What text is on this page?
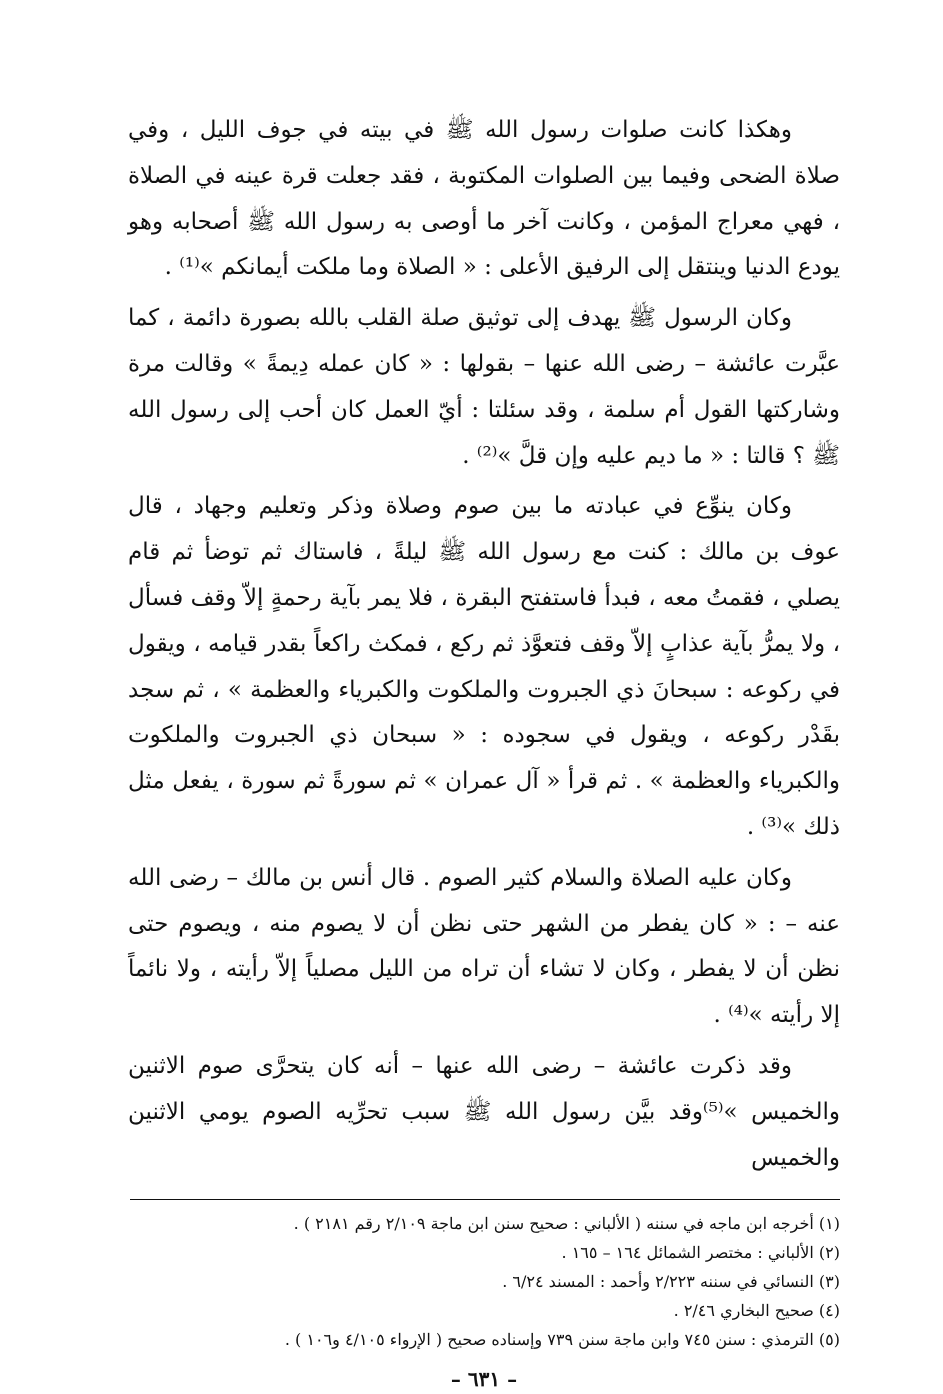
وهكذا كانت صلوات رسول الله ﷺ في بيته في جوف الليل ، وفي صلاة الضحى وفيما بين الصلوات المكتوبة ، فقد جعلت قرة عينه في الصلاة ، فهي معراج المؤمن ، وكانت آخر ما أوصى به رسول الله ﷺ أصحابه وهو يودع الدنيا وينتقل إلى الرفيق الأعلى : « الصلاة وما ملكت أيمانكم »⁽¹⁾ .

وكان الرسول ﷺ يهدف إلى توثيق صلة القلب بالله بصورة دائمة ، كما عبَّرت عائشة – رضى الله عنها – بقولها : « كان عمله دِيمةً » وقالت مرة وشاركتها القول أم سلمة ، وقد سئلتا : أيّ العمل كان أحب إلى رسول الله ﷺ ؟ قالتا : « ما ديم عليه وإن قلَّ »⁽²⁾ .

وكان ينوِّع في عبادته ما بين صوم وصلاة وذكر وتعليم وجهاد ، قال عوف بن مالك : كنت مع رسول الله ﷺ ليلةً ، فاستاك ثم توضأ ثم قام يصلي ، فقمتُ معه ، فبدأ فاستفتح البقرة ، فلا يمر بآية رحمةٍ إلاّ وقف فسأل ، ولا يمرُّ بآية عذابٍ إلاّ وقف فتعوَّذ ثم ركع ، فمكث راكعاً بقدر قيامه ، ويقول في ركوعه : سبحانَ ذي الجبروت والملكوت والكبرياء والعظمة » ، ثم سجد بقَدْر ركوعه ، ويقول في سجوده : « سبحان ذي الجبروت والملكوت والكبرياء والعظمة » . ثم قرأ « آل عمران » ثم سورةً ثم سورة ، يفعل مثل ذلك »⁽³⁾ .

وكان عليه الصلاة والسلام كثير الصوم . قال أنس بن مالك – رضى الله عنه – : « كان يفطر من الشهر حتى نظن أن لا يصوم منه ، ويصوم حتى نظن أن لا يفطر ، وكان لا تشاء أن تراه من الليل مصلياً إلاّ رأيته ، ولا نائماً إلا رأيته »⁽⁴⁾ .

وقد ذكرت عائشة – رضى الله عنها – أنه كان يتحرَّى صوم الاثنين والخميس »⁽⁵⁾وقد بيَّن رسول الله ﷺ سبب تحرِّيه الصوم يومي الاثنين والخميس

(١) أخرجه ابن ماجه في سننه ( الألباني : صحيح سنن ابن ماجة ٢/١٠٩ رقم ٢١٨١ ) .
(٢) الألباني : مختصر الشمائل ١٦٤ – ١٦٥ .
(٣) النسائي في سننه ٢/٢٢٣ وأحمد : المسند ٦/٢٤ .
(٤) صحيح البخاري ٢/٤٦ .
(٥) الترمذي : سنن ٧٤٥ وابن ماجة سنن ٧٣٩ وإسناده صحيح ( الإرواء ٤/١٠٥ و١٠٦ ) .
– ٦٣١ –
